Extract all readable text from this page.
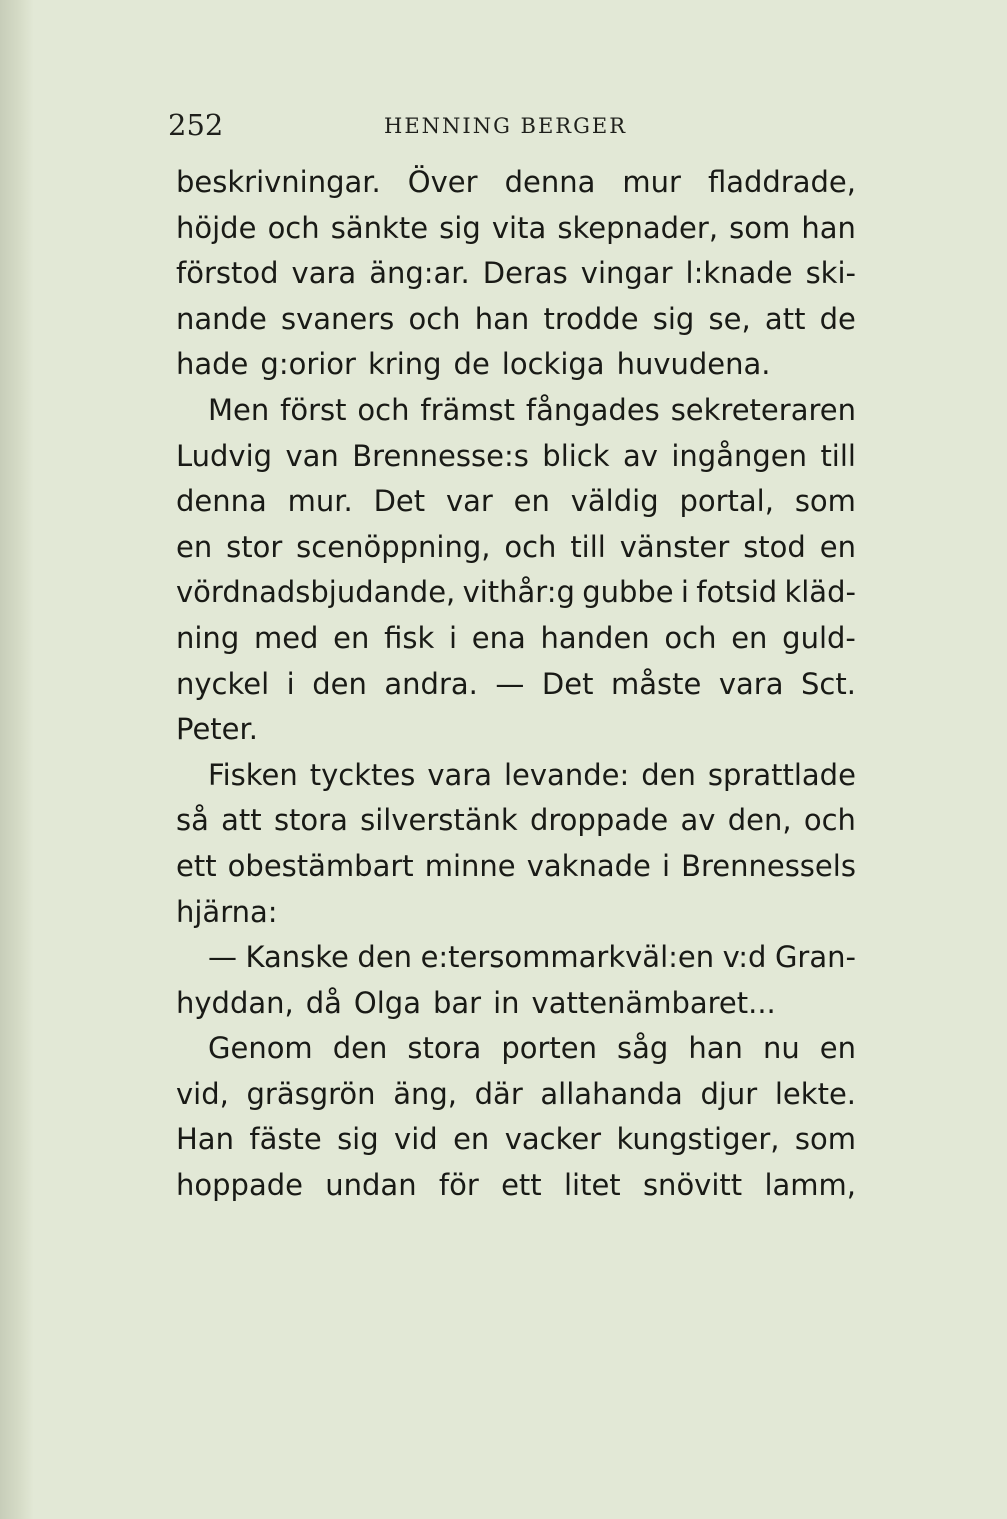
252	HENNING BERGER
beskrivningar. Över denna mur fladdrade,
höjde och sänkte sig vita skepnader, som han
förstod vara äng:ar. Deras vingar l:knade ski-
nande svaners och han trodde sig se, att de
hade g:orior kring de lockiga huvudena.
Men först och främst fångades sekreteraren
Ludvig van Brennesse:s blick av ingången till
denna mur. Det var en väldig portal, som
en stor scenöppning, och till vänster stod en
vördnadsbjudande, vithår:g gubbe i fotsid kläd-
ning med en fisk i ena handen och en guld-
nyckel i den andra. — Det måste vara Sct.
Peter.
Fisken tycktes vara levande: den sprattlade
så att stora silverstänk droppade av den, och
ett obestämbart minne vaknade i Brennessels
hjärna:
— Kanske den e:tersommarkväl:en v:d Gran-
hyddan, då Olga bar in vattenämbaret...
Genom den stora porten såg han nu en
vid, gräsgrön äng, där allahanda djur lekte.
Han fäste sig vid en vacker kungstiger, som
hoppade undan för ett litet snövitt lamm,
